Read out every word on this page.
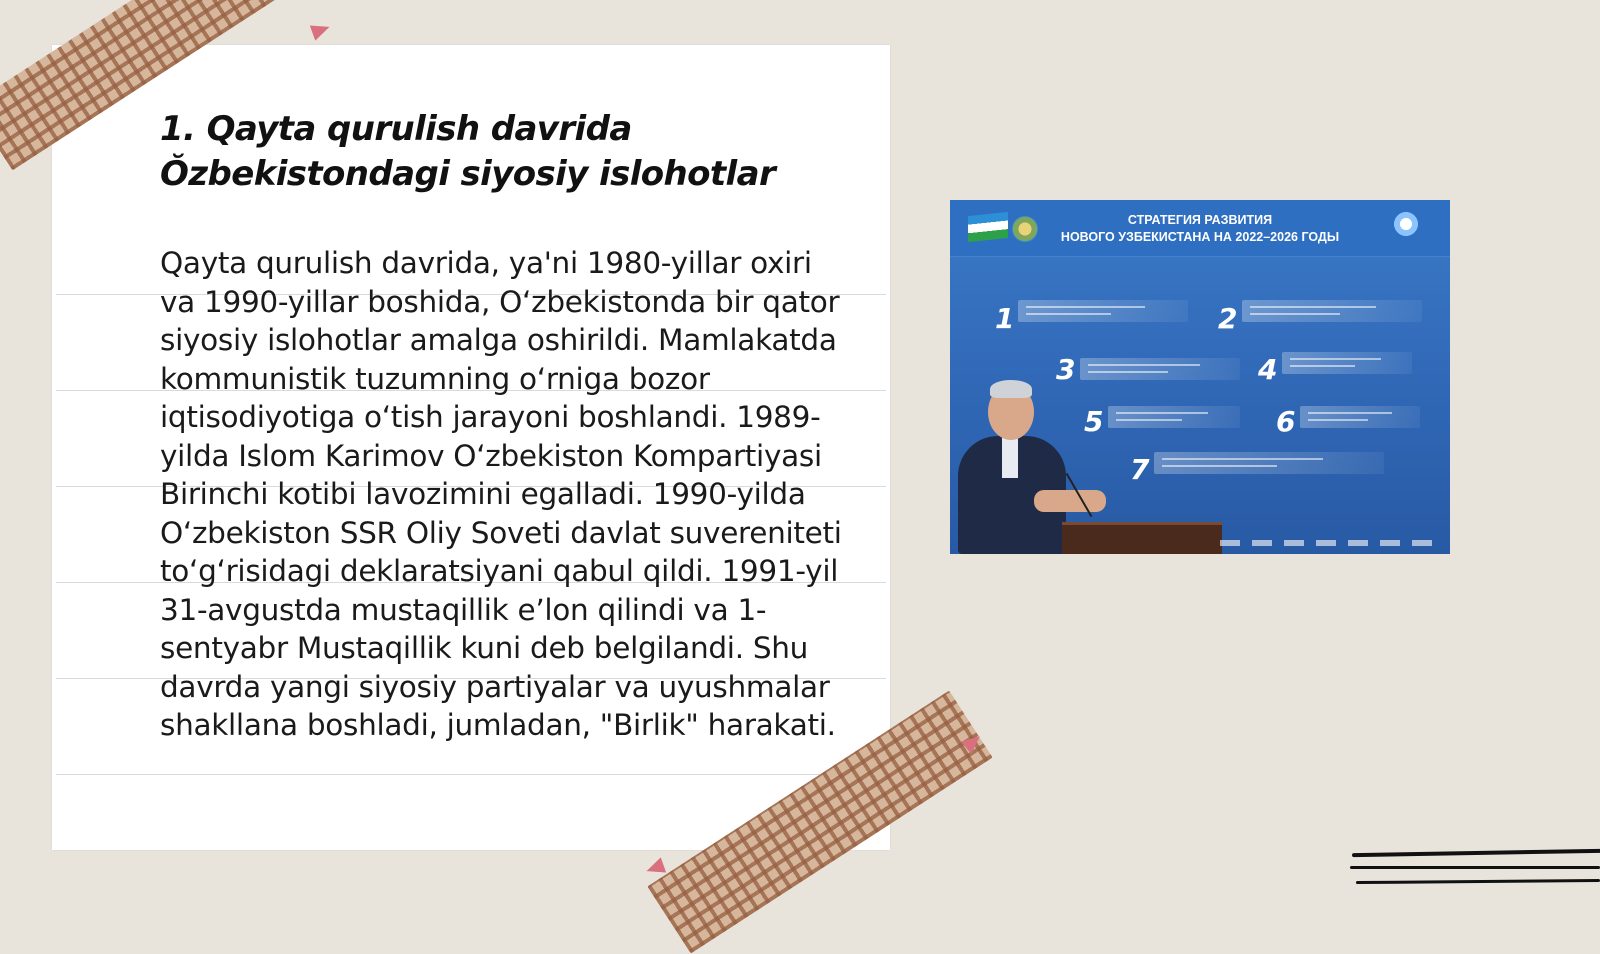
1. Qayta qurulish davrida Ŏzbekistondagi siyosiy islohotlar

Qayta qurulish davrida, ya'ni 1980-yillar oxiri va 1990-yillar boshida, O‘zbekistonda bir qator siyosiy islohotlar amalga oshirildi. Mamlakatda kommunistik tuzumning o‘rniga bozor iqtisodiyotiga o‘tish jarayoni boshlandi. 1989-yilda Islom Karimov O‘zbekiston Kompartiyasi Birinchi kotibi lavozimini egalladi. 1990-yilda O‘zbekiston SSR Oliy Soveti davlat suvereniteti to‘g‘risidagi deklaratsiyani qabul qildi. 1991-yil 31-avgustda mustaqillik e’lon qilindi va 1-sentyabr Mustaqillik kuni deb belgilandi. Shu davrda yangi siyosiy partiyalar va uyushmalar shakllana boshladi, jumladan, "Birlik" harakati.

СТРАТЕГИЯ РАЗВИТИЯ
НОВОГО УЗБЕКИСТАНА НА 2022–2026 ГОДЫ
1	2
3	4
5	6
7
